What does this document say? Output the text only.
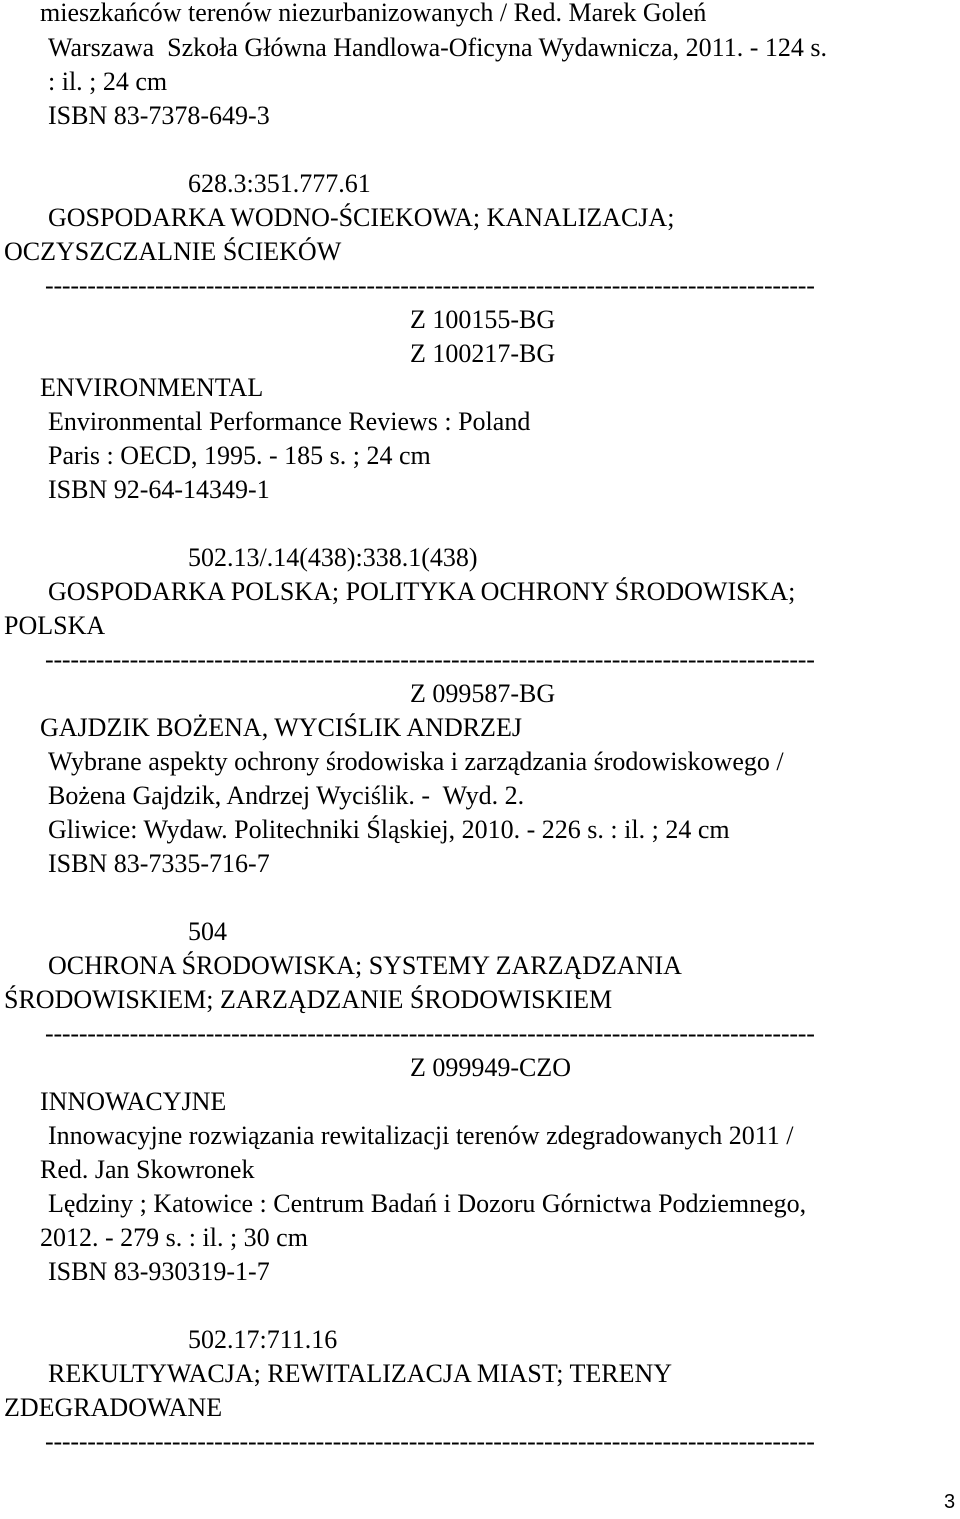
mieszkańców terenów niezurbanizowanych / Red. Marek Goleń
Warszawa  Szkoła Główna Handlowa-Oficyna Wydawnicza, 2011. - 124 s.
: il. ; 24 cm
ISBN 83-7378-649-3
628.3:351.777.61
GOSPODARKA WODNO-ŚCIEKOWA; KANALIZACJA;
OCZYSZCZALNIE ŚCIEKÓW
-------------------------------------------------------------------------------------------
Z 100155-BG
Z 100217-BG
ENVIRONMENTAL
Environmental Performance Reviews : Poland
Paris : OECD, 1995. - 185 s. ; 24 cm
ISBN 92-64-14349-1
502.13/.14(438):338.1(438)
GOSPODARKA POLSKA; POLITYKA OCHRONY ŚRODOWISKA;
POLSKA
-------------------------------------------------------------------------------------------
Z 099587-BG
GAJDZIK BOŻENA, WYCIŚLIK ANDRZEJ
Wybrane aspekty ochrony środowiska i zarządzania środowiskowego /
Bożena Gajdzik, Andrzej Wyciślik. -  Wyd. 2.
Gliwice: Wydaw. Politechniki Śląskiej, 2010. - 226 s. : il. ; 24 cm
ISBN 83-7335-716-7
504
OCHRONA ŚRODOWISKA; SYSTEMY ZARZĄDZANIA
ŚRODOWISKIEM; ZARZĄDZANIE ŚRODOWISKIEM
-------------------------------------------------------------------------------------------
Z 099949-CZO
INNOWACYJNE
Innowacyjne rozwiązania rewitalizacji terenów zdegradowanych 2011 /
Red. Jan Skowronek
Lędziny ; Katowice : Centrum Badań i Dozoru Górnictwa Podziemnego,
2012. - 279 s. : il. ; 30 cm
ISBN 83-930319-1-7
502.17:711.16
REKULTYWACJA; REWITALIZACJA MIAST; TERENY
ZDEGRADOWANE
-------------------------------------------------------------------------------------------
3
